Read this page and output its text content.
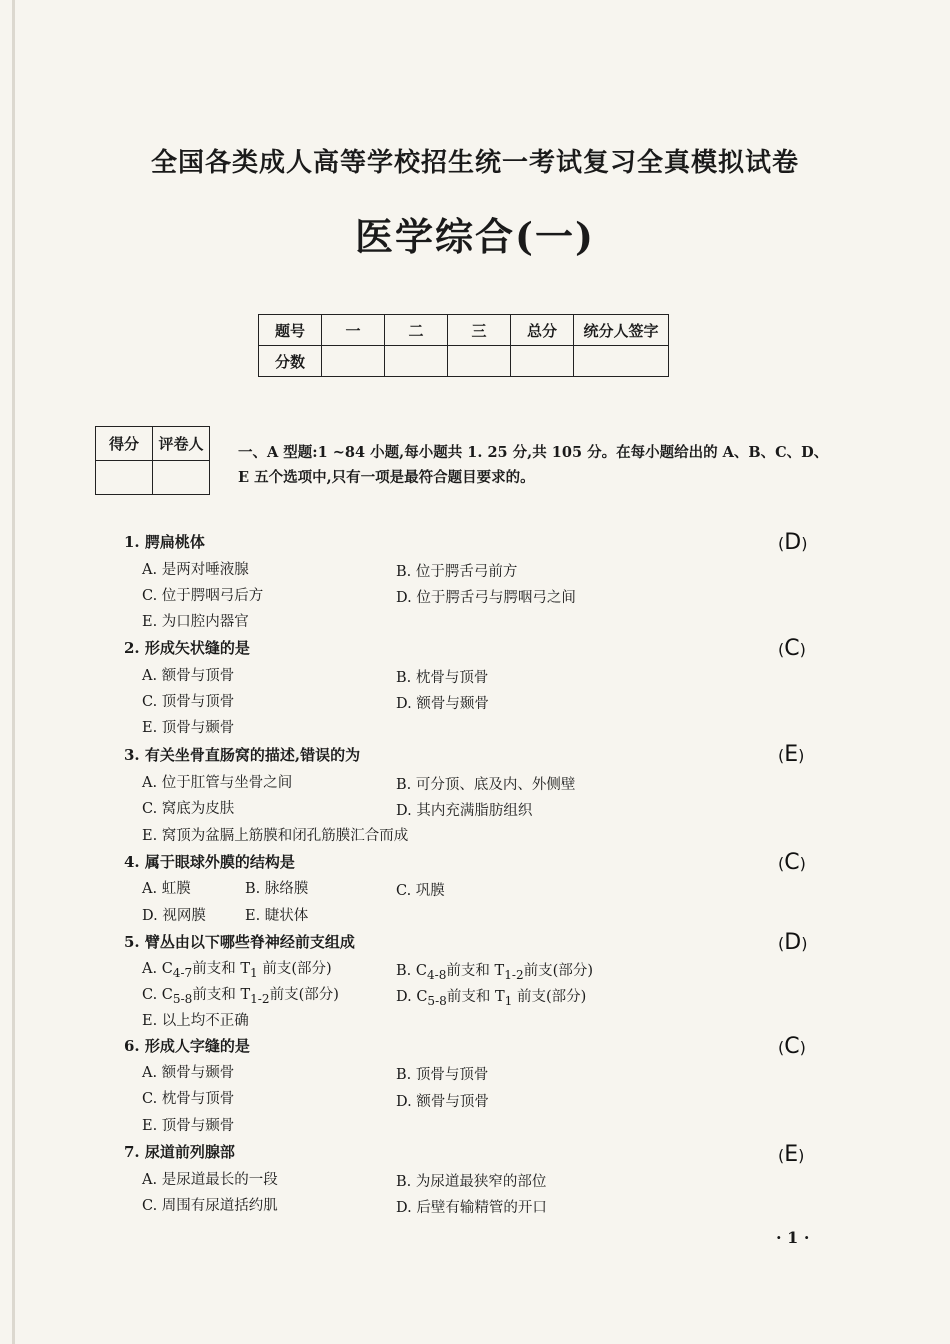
全国各类成人高等学校招生统一考试复习全真模拟试卷
医学综合(一)
题号	一	二	三	总分	统分人签字
分数					
得分	评卷人
	一、A 型题:1 ~84 小题,每小题共 1. 25 分,共 105 分。在每小题给出的 A、B、C、D、E 五个选项中,只有一项是最符合题目要求的。
1. 腭扁桃体	(D)
A. 是两对唾液腺	B. 位于腭舌弓前方
C. 位于腭咽弓后方	D. 位于腭舌弓与腭咽弓之间
E. 为口腔内器官
2. 形成矢状缝的是	(C)
A. 额骨与顶骨	B. 枕骨与顶骨
C. 顶骨与顶骨	D. 额骨与颞骨
E. 顶骨与颞骨
3. 有关坐骨直肠窝的描述,错误的为	(E)
A. 位于肛管与坐骨之间	B. 可分顶、底及内、外侧壁
C. 窝底为皮肤	D. 其内充满脂肪组织
E. 窝顶为盆膈上筋膜和闭孔筋膜汇合而成
4. 属于眼球外膜的结构是	(C)
A. 虹膜	B. 脉络膜	C. 巩膜
D. 视网膜	E. 睫状体
5. 臂丛由以下哪些脊神经前支组成	(D)
A. $C_{4-7}$前支和 $T_1$ 前支(部分)	B. $C_{4-8}$前支和 $T_{1-2}$前支(部分)
C. $C_{5-8}$前支和 $T_{1-2}$前支(部分)	D. $C_{5-8}$前支和 $T_1$ 前支(部分)
E. 以上均不正确
6. 形成人字缝的是	(C)
A. 额骨与颞骨	B. 顶骨与顶骨
C. 枕骨与顶骨	D. 额骨与顶骨
E. 顶骨与颞骨
7. 尿道前列腺部	(E)
A. 是尿道最长的一段	B. 为尿道最狭窄的部位
C. 周围有尿道括约肌	D. 后壁有输精管的开口
· 1 ·
